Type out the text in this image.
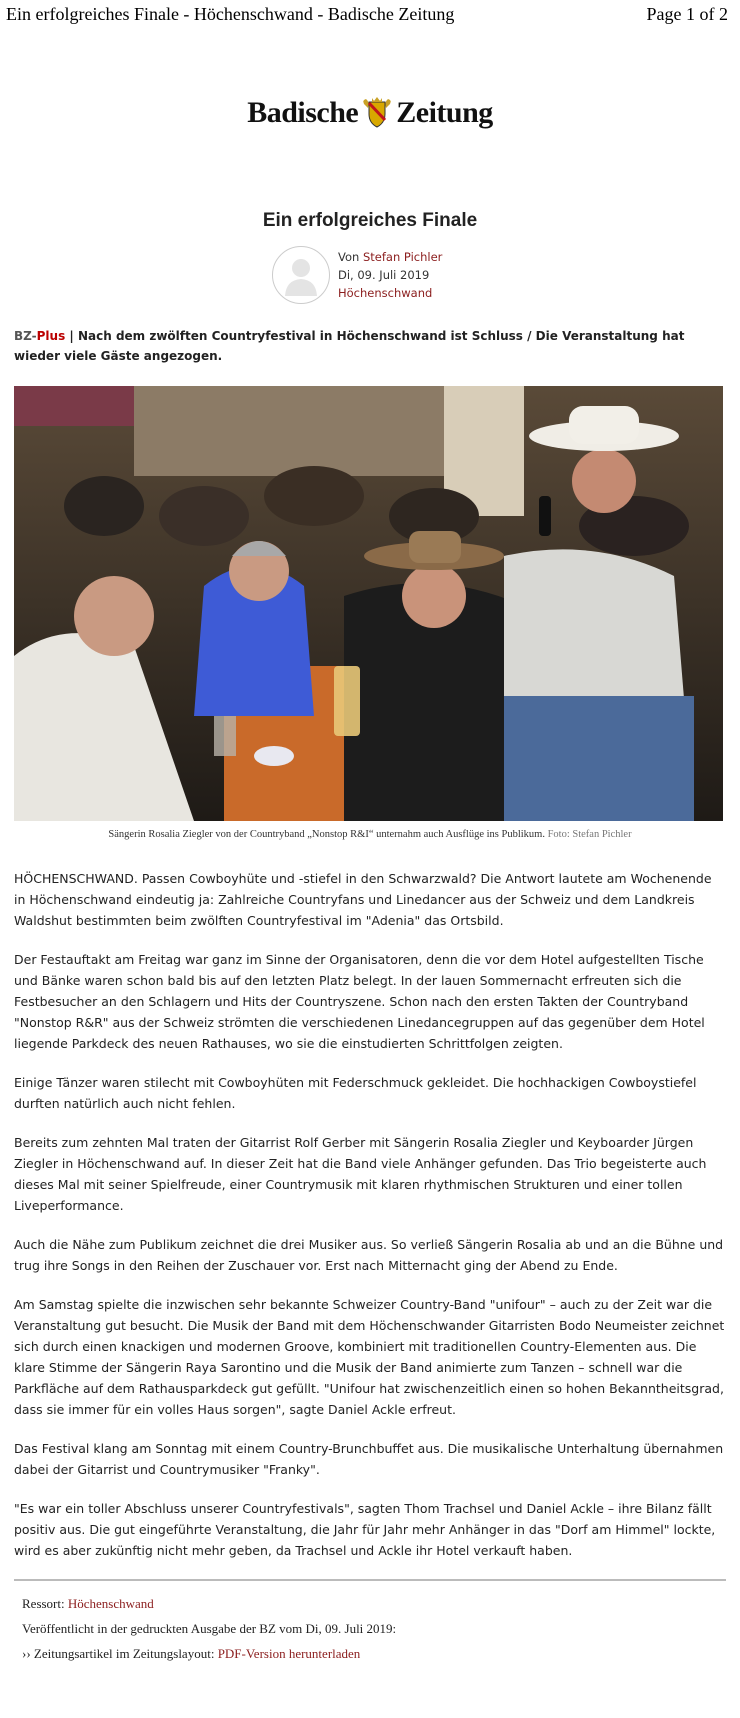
Ein erfolgreiches Finale - Höchenschwand - Badische Zeitung	Page 1 of 2
Badische Zeitung
Ein erfolgreiches Finale
Von Stefan Pichler
Di, 09. Juli 2019
Höchenschwand
BZ-Plus | Nach dem zwölften Countryfestival in Höchenschwand ist Schluss / Die Veranstaltung hat wieder viele Gäste angezogen.
Sängerin Rosalia Ziegler von der Countryband „Nonstop R&I“ unternahm auch Ausflüge ins Publikum. Foto: Stefan Pichler

HÖCHENSCHWAND. Passen Cowboyhüte und -stiefel in den Schwarzwald? Die Antwort lautete am Wochenende in Höchenschwand eindeutig ja: Zahlreiche Countryfans und Linedancer aus der Schweiz und dem Landkreis Waldshut bestimmten beim zwölften Countryfestival im "Adenia" das Ortsbild.

Der Festauftakt am Freitag war ganz im Sinne der Organisatoren, denn die vor dem Hotel aufgestellten Tische und Bänke waren schon bald bis auf den letzten Platz belegt. In der lauen Sommernacht erfreuten sich die Festbesucher an den Schlagern und Hits der Countryszene. Schon nach den ersten Takten der Countryband "Nonstop R&R" aus der Schweiz strömten die verschiedenen Linedancegruppen auf das gegenüber dem Hotel liegende Parkdeck des neuen Rathauses, wo sie die einstudierten Schrittfolgen zeigten.

Einige Tänzer waren stilecht mit Cowboyhüten mit Federschmuck gekleidet. Die hochhackigen Cowboystiefel durften natürlich auch nicht fehlen.

Bereits zum zehnten Mal traten der Gitarrist Rolf Gerber mit Sängerin Rosalia Ziegler und Keyboarder Jürgen Ziegler in Höchenschwand auf. In dieser Zeit hat die Band viele Anhänger gefunden. Das Trio begeisterte auch dieses Mal mit seiner Spielfreude, einer Countrymusik mit klaren rhythmischen Strukturen und einer tollen Liveperformance.

Auch die Nähe zum Publikum zeichnet die drei Musiker aus. So verließ Sängerin Rosalia ab und an die Bühne und trug ihre Songs in den Reihen der Zuschauer vor. Erst nach Mitternacht ging der Abend zu Ende.

Am Samstag spielte die inzwischen sehr bekannte Schweizer Country-Band "unifour" – auch zu der Zeit war die Veranstaltung gut besucht. Die Musik der Band mit dem Höchenschwander Gitarristen Bodo Neumeister zeichnet sich durch einen knackigen und modernen Groove, kombiniert mit traditionellen Country-Elementen aus. Die klare Stimme der Sängerin Raya Sarontino und die Musik der Band animierte zum Tanzen – schnell war die Parkfläche auf dem Rathausparkdeck gut gefüllt. "Unifour hat zwischenzeitlich einen so hohen Bekanntheitsgrad, dass sie immer für ein volles Haus sorgen", sagte Daniel Ackle erfreut.

Das Festival klang am Sonntag mit einem Country-Brunchbuffet aus. Die musikalische Unterhaltung übernahmen dabei der Gitarrist und Countrymusiker "Franky".

"Es war ein toller Abschluss unserer Countryfestivals", sagten Thom Trachsel und Daniel Ackle – ihre Bilanz fällt positiv aus. Die gut eingeführte Veranstaltung, die Jahr für Jahr mehr Anhänger in das "Dorf am Himmel" lockte, wird es aber zukünftig nicht mehr geben, da Trachsel und Ackle ihr Hotel verkauft haben.

Ressort: Höchenschwand
Veröffentlicht in der gedruckten Ausgabe der BZ vom Di, 09. Juli 2019:
›› Zeitungsartikel im Zeitungslayout: PDF-Version herunterladen
